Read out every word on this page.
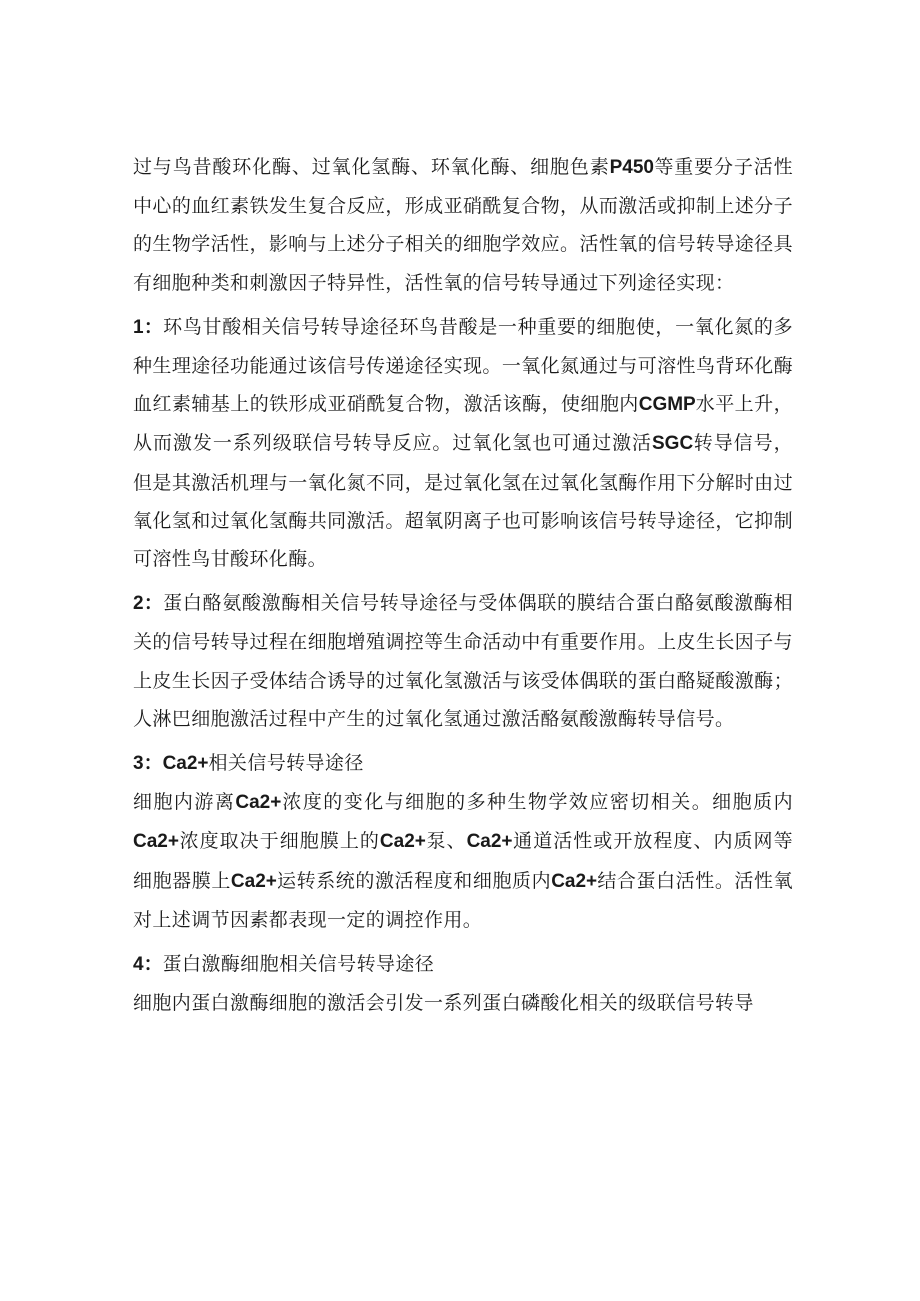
过与鸟昔酸环化酶、过氧化氢酶、环氧化酶、细胞色素P450等重要分子活性中心的血红素铁发生复合反应，形成亚硝酰复合物，从而激活或抑制上述分子的生物学活性，影响与上述分子相关的细胞学效应。活性氧的信号转导途径具有细胞种类和刺激因子特异性，活性氧的信号转导通过下列途径实现：

1：环鸟甘酸相关信号转导途径环鸟昔酸是一种重要的细胞使，一氧化氮的多种生理途径功能通过该信号传递途径实现。一氧化氮通过与可溶性鸟背环化酶血红素辅基上的铁形成亚硝酰复合物，激活该酶，使细胞内CGMP水平上升，从而激发一系列级联信号转导反应。过氧化氢也可通过激活SGC转导信号，但是其激活机理与一氧化氮不同，是过氧化氢在过氧化氢酶作用下分解时由过氧化氢和过氧化氢酶共同激活。超氧阴离子也可影响该信号转导途径，它抑制可溶性鸟甘酸环化酶。

2：蛋白酪氨酸激酶相关信号转导途径与受体偶联的膜结合蛋白酪氨酸激酶相关的信号转导过程在细胞增殖调控等生命活动中有重要作用。上皮生长因子与上皮生长因子受体结合诱导的过氧化氢激活与该受体偶联的蛋白酪疑酸激酶；人淋巴细胞激活过程中产生的过氧化氢通过激活酪氨酸激酶转导信号。

3：Ca2+相关信号转导途径

细胞内游离Ca2+浓度的变化与细胞的多种生物学效应密切相关。细胞质内Ca2+浓度取决于细胞膜上的Ca2+泵、Ca2+通道活性或开放程度、内质网等细胞器膜上Ca2+运转系统的激活程度和细胞质内Ca2+结合蛋白活性。活性氧对上述调节因素都表现一定的调控作用。

4：蛋白激酶细胞相关信号转导途径

细胞内蛋白激酶细胞的激活会引发一系列蛋白磷酸化相关的级联信号转导
